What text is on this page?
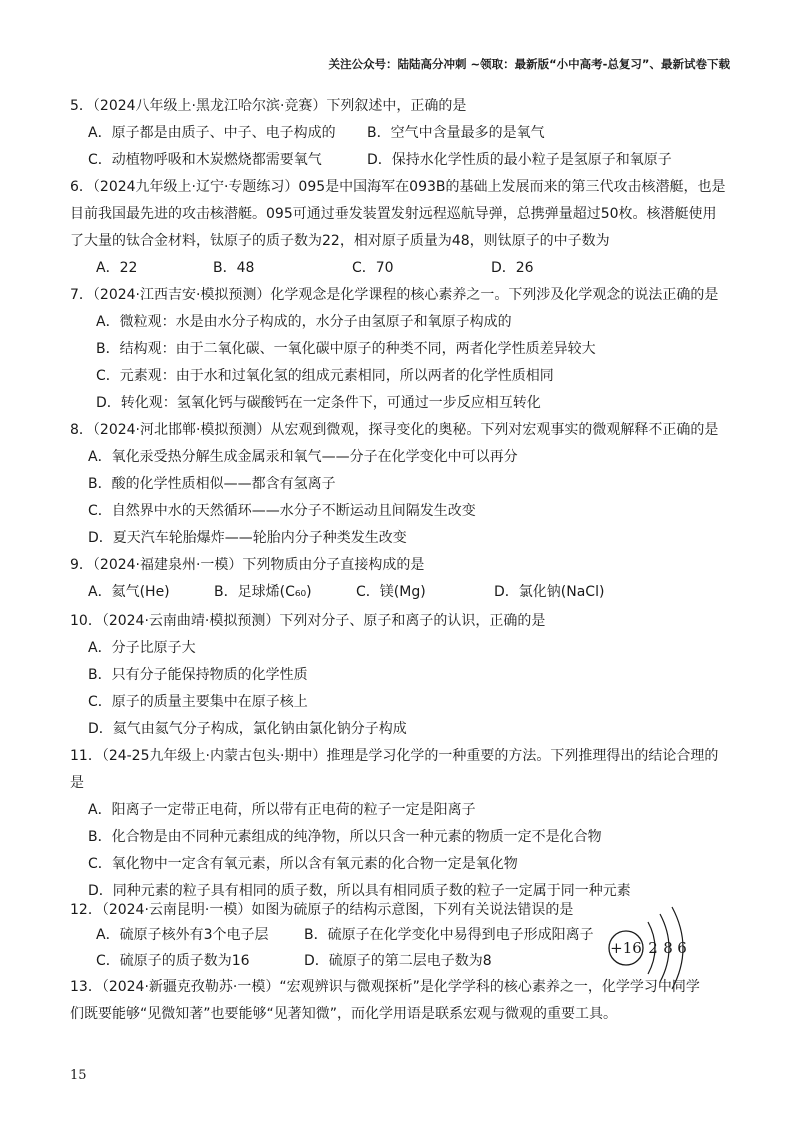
关注公众号：陆陆高分冲刺 ~领取：最新版“小中高考-总复习”、最新试卷下载
5．（2024八年级上·黑龙江哈尔滨·竞赛）下列叙述中，正确的是
A．原子都是由质子、中子、电子构成的 B．空气中含量最多的是氧气
C．动植物呼吸和木炭燃烧都需要氧气	D．保持水化学性质的最小粒子是氢原子和氧原子
6．（2024九年级上·辽宁·专题练习）095是中国海军在093B的基础上发展而来的第三代攻击核潜艇，也是
目前我国最先进的攻击核潜艇。095可通过垂发装置发射远程巡航导弹，总携弹量超过50枚。核潜艇使用
了大量的钛合金材料，钛原子的质子数为22，相对原子质量为48，则钛原子的中子数为
A．22	B．48	C．70	D．26
7．（2024·江西吉安·模拟预测）化学观念是化学课程的核心素养之一。下列涉及化学观念的说法正确的是
A．微粒观：水是由水分子构成的，水分子由氢原子和氧原子构成的
B．结构观：由于二氧化碳、一氧化碳中原子的种类不同，两者化学性质差异较大
C．元素观：由于水和过氧化氢的组成元素相同，所以两者的化学性质相同
D．转化观：氢氧化钙与碳酸钙在一定条件下，可通过一步反应相互转化
8．（2024·河北邯郸·模拟预测）从宏观到微观，探寻变化的奥秘。下列对宏观事实的微观解释不正确的是
A．氧化汞受热分解生成金属汞和氧气——分子在化学变化中可以再分
B．酸的化学性质相似——都含有氢离子
C．自然界中水的天然循环——水分子不断运动且间隔发生改变
D．夏天汽车轮胎爆炸——轮胎内分子种类发生改变
9．（2024·福建泉州·一模）下列物质由分子直接构成的是
A．氦气(He)	B．足球烯(C₆₀)	C．镁(Mg)	D．氯化钠(NaCl)
10．（2024·云南曲靖·模拟预测）下列对分子、原子和离子的认识，正确的是
A．分子比原子大
B．只有分子能保持物质的化学性质
C．原子的质量主要集中在原子核上
D．氦气由氦气分子构成，氯化钠由氯化钠分子构成
11．（24-25九年级上·内蒙古包头·期中）推理是学习化学的一种重要的方法。下列推理得出的结论合理的
是
A．阳离子一定带正电荷，所以带有正电荷的粒子一定是阳离子
B．化合物是由不同种元素组成的纯净物，所以只含一种元素的物质一定不是化合物
C．氧化物中一定含有氧元素，所以含有氧元素的化合物一定是氧化物
D．同种元素的粒子具有相同的质子数，所以具有相同质子数的粒子一定属于同一种元素
12．（2024·云南昆明·一模）如图为硫原子的结构示意图，下列有关说法错误的是
A．硫原子核外有3个电子层	B．硫原子在化学变化中易得到电子形成阳离子
C．硫原子的质子数为16	D．硫原子的第二层电子数为8
+16 2 8 6
13．（2024·新疆克孜勒苏·一模）“宏观辨识与微观探析”是化学学科的核心素养之一，化学学习中同学
们既要能够“见微知著”也要能够“见著知微”，而化学用语是联系宏观与微观的重要工具。
15
